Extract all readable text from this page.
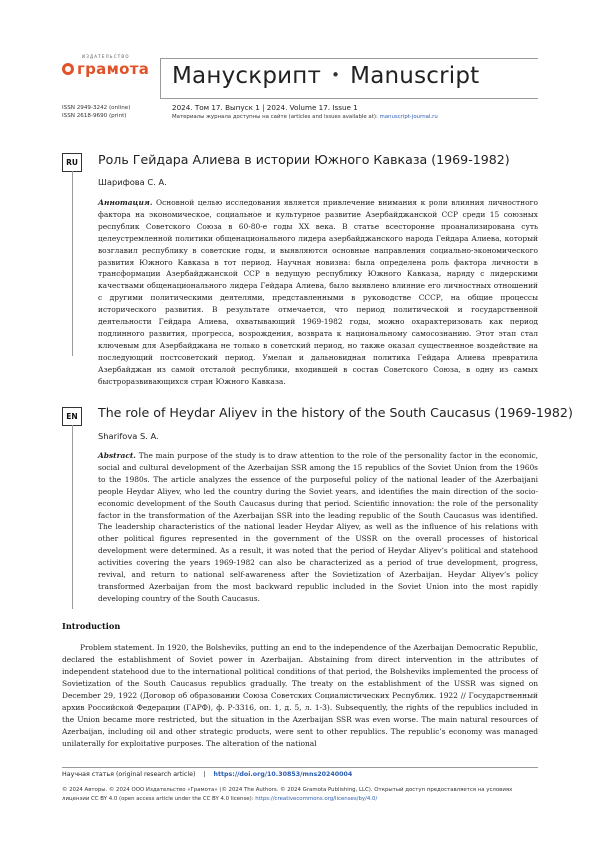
ИЗДАТЕЛЬСТВО
грамота
ISSN 2949-3242 (online)
ISSN 2618-9690 (print)
Манускрипт • Manuscript
2024. Том 17. Выпуск 1 | 2024. Volume 17. Issue 1
Материалы журнала доступны на сайте (articles and issues available at): manuscript-journal.ru
RU	Роль Гейдара Алиева в истории Южного Кавказа (1969-1982)
Шарифова С. А.
Аннотация. Основной целью исследования является привлечение внимания к роли влияния личностного фактора на экономическое, социальное и культурное развитие Азербайджанской ССР среди 15 союзных республик Советского Союза в 60-80-е годы ХХ века. В статье всесторонне проанализирована суть целеустремленной политики общенационального лидера азербайджанского народа Гейдара Алиева, который возглавил республику в советские годы, и выявляются основные направления социально-экономического развития Южного Кавказа в тот период. Научная новизна: была определена роль фактора личности в трансформации Азербайджанской ССР в ведущую республику Южного Кавказа, наряду с лидерскими качествами общенационального лидера Гейдара Алиева, было выявлено влияние его личностных отношений с другими политическими деятелями, представленными в руководстве СССР, на общие процессы исторического развития. В результате отмечается, что период политической и государственной деятельности Гейдара Алиева, охватывающий 1969-1982 годы, можно охарактеризовать как период подлинного развития, прогресса, возрождения, возврата к национальному самосознанию. Этот этап стал ключевым для Азербайджана не только в советский период, но также оказал существенное воздействие на последующий постсоветский период. Умелая и дальновидная политика Гейдара Алиева превратила Азербайджан из самой отсталой республики, входившей в состав Советского Союза, в одну из самых быстроразвивающихся стран Южного Кавказа.
EN	The role of Heydar Aliyev in the history of the South Caucasus (1969-1982)
Sharifova S. A.
Abstract. The main purpose of the study is to draw attention to the role of the personality factor in the economic, social and cultural development of the Azerbaijan SSR among the 15 republics of the Soviet Union from the 1960s to the 1980s. The article analyzes the essence of the purposeful policy of the national leader of the Azerbaijani people Heydar Aliyev, who led the country during the Soviet years, and identifies the main direction of the socio-economic development of the South Caucasus during that period. Scientific innovation: the role of the personality factor in the transformation of the Azerbaijan SSR into the leading republic of the South Caucasus was identified. The leadership characteristics of the national leader Heydar Aliyev, as well as the influence of his relations with other political figures represented in the government of the USSR on the overall processes of historical development were determined. As a result, it was noted that the period of Heydar Aliyev’s political and statehood activities covering the years 1969-1982 can also be characterized as a period of true development, progress, revival, and return to national self-awareness after the Sovietization of Azerbaijan. Heydar Aliyev’s policy transformed Azerbaijan from the most backward republic included in the Soviet Union into the most rapidly developing country of the South Caucasus.
Introduction
Problem statement. In 1920, the Bolsheviks, putting an end to the independence of the Azerbaijan Democratic Republic, declared the establishment of Soviet power in Azerbaijan. Abstaining from direct intervention in the attributes of independent statehood due to the international political conditions of that period, the Bolsheviks implemented the process of Sovietization of the South Caucasus republics gradually. The treaty on the establishment of the USSR was signed on December 29, 1922 (Договор об образовании Союза Советских Социалистических Республик. 1922 // Государственный архив Российской Федерации (ГАРФ), ф. Р-3316, оп. 1, д. 5, л. 1-3). Subsequently, the rights of the republics included in the Union became more restricted, but the situation in the Azerbaijan SSR was even worse. The main natural resources of Azerbaijan, including oil and other strategic products, were sent to other republics. The republic’s economy was managed unilaterally for exploitative purposes. The alteration of the national
Научная статья (original research article) | https://doi.org/10.30853/mns20240004
© 2024 Авторы. © 2024 ООО Издательство «Грамота» (© 2024 The Authors. © 2024 Gramota Publishing, LLC). Открытый доступ предоставляется на условиях лицензии CC BY 4.0 (open access article under the CC BY 4.0 license): https://creativecommons.org/licenses/by/4.0/
